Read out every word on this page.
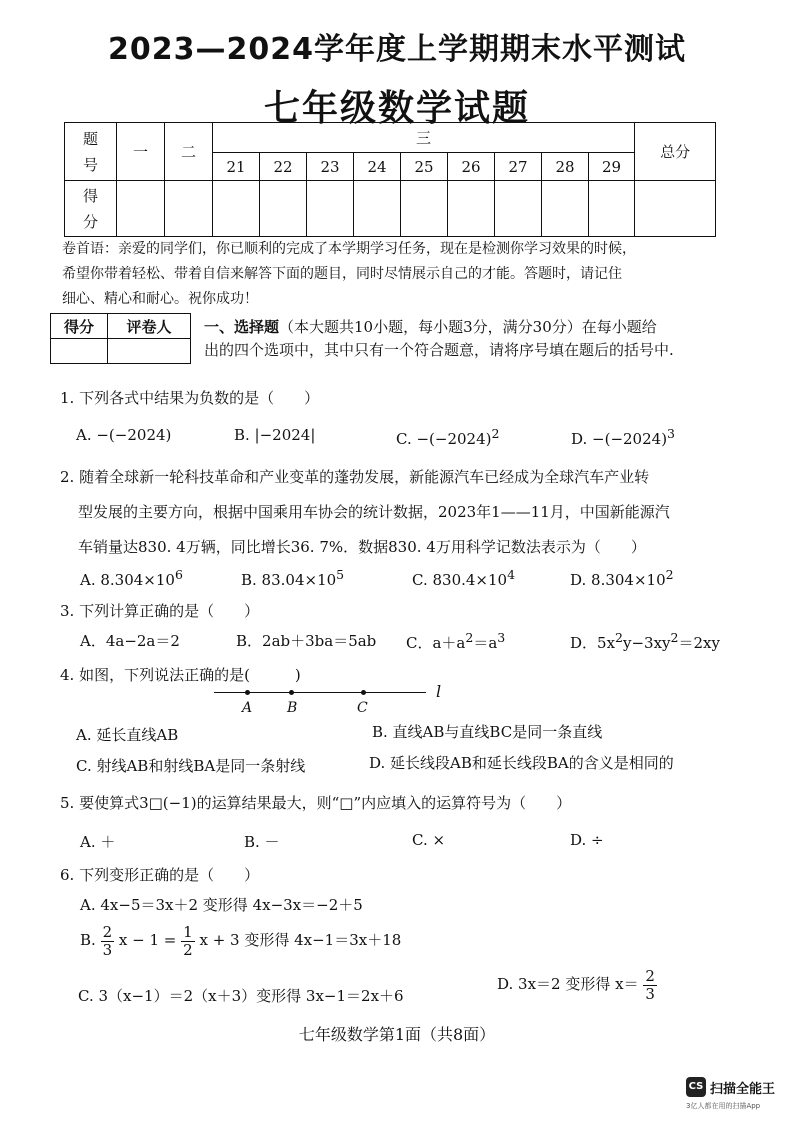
2023—2024学年度上学期期末水平测试
七年级数学试题
题号	一	二	三									总分
			21	22	23	24	25	26	27	28	29	

得分												

卷首语：亲爱的同学们，你已顺利的完成了本学期学习任务，现在是检测你学习效果的时候，
希望你带着轻松、带着自信来解答下面的题目，同时尽情展示自己的才能。答题时，请记住
细心、精心和耐心。祝你成功！
得分	评卷人
	一、选择题（本大题共10小题，每小题3分，满分30分）在每小题给
出的四个选项中，其中只有一个符合题意，请将序号填在题后的括号中.
1. 下列各式中结果为负数的是（　　）
A. −(−2024)	B. |−2024|	C. $-(-2024)^2$	D. $-(-2024)^3$
2. 随着全球新一轮科技革命和产业变革的蓬勃发展，新能源汽车已经成为全球汽车产业转
型发展的主要方向，根据中国乘用车协会的统计数据，2023年1——11月，中国新能源汽
车销量达830. 4万辆，同比增长36. 7%．数据830. 4万用科学记数法表示为（　　）
A. $8.304\times 10^6$	B. $83.04\times 10^5$	C. $830.4\times 10^4$	D. $8.304\times 10^2$
3. 下列计算正确的是（　　）
A．4a−2a＝2	B．2ab＋3ba＝5ab C．$a+a^2=a^3$	D．$5x^2y-3xy^2=2xy$
4. 如图，下列说法正确的是(　　　)
A B	C
l
A. 延长直线AB	B. 直线AB与直线BC是同一条直线
C. 射线AB和射线BA是同一条射线	D. 延长线段AB和延长线段BA的含义是相同的
5. 要使算式3□(−1)的运算结果最大，则“□”内应填入的运算符号为（　　）
A. ＋	B. －	C. ×	D. ÷
6. 下列变形正确的是（　　）
A. 4x−5＝3x＋2 变形得 4x−3x＝−2＋5
B. $\frac{2}{3}$ $x - 1 = \frac{1}{2}$ x + 3 变形得 4x−1＝3x＋18
C. 3（x−1）＝2（x＋3）变形得 3x−1＝2x＋6
D. 3x＝2 变形得 $x= \frac{2}{3}$
七年级数学第1面（共8面）
CS 扫描全能王
3亿人都在用的扫描App
